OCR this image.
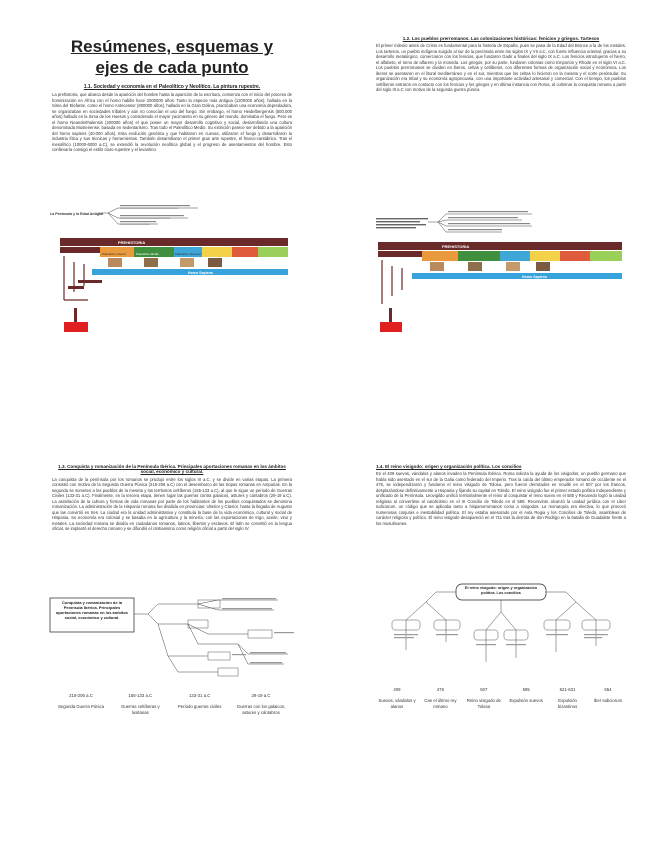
Resúmenes, esquemas y ejes de cada punto
1.1. Sociedad y economía en el Paleolítico y Neolítico. La pintura rupestre.

La prehistoria, que abarca desde la aparición del hombre hasta la aparición de la escritura, comienza con el inicio del proceso de hominización en África con el homo habilis hace 2000000 años. Tanto la especie más antigua (1200000 años), hallada en la Sima del Elefante, como el homo Antecessor (800000 años), hallado en la Gran Dolina, practicaban una economía depredadora, se organizaban en sociedades tribales y aún no conocían el uso del fuego. Sin embargo, el homo Heidelbergensis (500.000 años) hallado en la Sima de los Huesos y considerado el mayor yacimiento en su género del mundo, dominaba el fuego. Pero es el homo Neanderthalensis (200000 años) el que posee un mayor desarrollo cognitivo y social, desarrollando una cultura denominada Musteriense, basada en sedentarismo. Tras todo el Paleolítico Medio. Su extinción parece ser debido a la aparición del homo sapiens (40.000 años). Esta evolución genética y que habitaron en cuevas, utilizaron el fuego y desarrollaron la industria lítica y sus técnicas y herramientas. También desarrollaron el primer gran arte rupestre, el franco-cantábrico. Tras el mesolítico (10000-6000 a.C), se extendió la revolución neolítica global y el progreso de asentamientos del hombre. Esto conllevaría consigo el estilo claro-rupestre y el levantino.

La Península y la Edad Antigua
PREHISTORIA
Paleolítico Inferior	Paleolítico Medio	Paleolítico Superior
Homo Sapiens
1.2. Los pueblos prerromanos. Las colonizaciones históricas: fenicios y griegos. Tartesos

El primer milenio antes de Cristo es fundamental para la historia de España, pues se pasa de la Edad del Bronce a la de los metales. Los tartesos, un pueblo indígena surgido al sur de la península entre los siglos IX y VII a.C, con fuerte influencia oriental, gracias a su desarrollo metalúrgico, comerciaron con los fenicios, que fundaron Gadir a finales del siglo IX a.C. Los fenicios introdujeron el hierro, el alfabeto, el torno de alfarero y la moneda. Los griegos, por su parte, fundaron colonias como Emporion y Rhode en el siglo VI a.C. Los pueblos prerromanos se dividen en iberos, celtas y celtíberos, con diferentes formas de organización social y económica. Los iberos se asentaron en el litoral mediterráneo y en el sur, mientras que los celtas lo hicieron en la meseta y el norte peninsular. Su organización era tribal y su economía agropecuaria, con una importante actividad artesanal y comercial. Con el tiempo, los pueblos celtíberos entraron en contacto con los fenicios y los griegos y en última instancia con Roma, al culminar la conquista romana a partir del siglo III a.C con motivo de la segunda guerra púnica.

PREHISTORIA
Homo Sapiens
1.3. Conquista y romanización de la Península Ibérica. Principales aportaciones romanas en los ámbitos social, económico y cultural.

La conquista de la península por los romanos se produjo entre los siglos III a.C. y se divide en varias etapas. La primera consistió con motivo de la Segunda Guerra Púnica (218-206 a.C) con el desembarco de las tropas romanas en Ampurias. En la segunda se someten a los pueblos de la meseta y los territorios celtíberos (155-133 a.C), al que le sigue un periodo de Guerras Civiles (133-31 a.C). Finalmente, en la tercera etapa, tienen lugar las guerras contra galaicos, astures y cántabros (29-19 a.C). La asimilación de la cultura y formas de vida romanas por parte de los habitantes de los pueblos conquistados se denomina romanización. La administración de la Hispania romana fue dividida en provincias: Ulterior y Citerior, hasta la llegada de Augusto que las convirtió en tres. La ciudad era la unidad administrativa y constituía la base de la vida económica, cultural y social de Hispania. Su economía era colonial y se basaba en la agricultura y la minería, con las exportaciones de trigo, aceite, vino y metales. La sociedad romana se dividía en ciudadanos romanos, latinos, libertos y esclavos. El latín se convirtió en la lengua oficial, se implantó el derecho romano y se difundió el cristianismo como religión oficial a partir del siglo IV.

Conquista y romanización de la Península Ibérica. Principales aportaciones romanas en los ámbitos social, económico y cultural.

218-206 a.C

Segunda Guerra Púnica

155-133 a.C

Guerras celtíberas y lusitanas

133-31 a.C

Periodo guerras civiles

29-19 a.C

Guerras con los galaicos, astures y cántabros

1.4. El reino visigodo: origen y organización política. Los concilios

En el 409 suevos, vándalos y alanos invaden la Península Ibérica. Roma solicita la ayuda de los visigodos, un pueblo germano que había sido asentado en el sur de la Galia como federado del Imperio. Tras la caída del último emperador romano de occidente en el 476, se independizaron y fundaron el reino visigodo de Tolosa, pero fueron derrotados en Vouillé en el 507 por los francos, desplazándose definitivamente a Hispania y fijando su capital en Toledo. El reino visigodo fue el primer estado político independiente y unificado de la Península. Leovigildo unificó territorialmente el reino al conquistar el reino suevo en el 585 y Recaredo logró la unidad religiosa al convertirse al catolicismo en el III Concilio de Toledo en el 589. Recesvinto alcanzó la unidad jurídica con el Liber Iudiciorum, un código que se aplicaba tanto a hispanorromanos como a visigodos. La monarquía era electiva, lo que provocó numerosas conjuras e inestabilidad política. El rey estaba asesorado por el Aula Regia y los Concilios de Toledo, asambleas de carácter religioso y político. El reino visigodo desapareció en el 711 tras la derrota de don Rodrigo en la batalla de Guadalete frente a los musulmanes.

El reino visigodo: origen y organización política. Los concilios

409

Suevos, vándalos y alanos

476

Cae el último rey romano

507

Reino visigodo de Tolosa

585

Expulsión suevos

621-631

Expulsión bizantinos

654

Iber Iudiciorum
